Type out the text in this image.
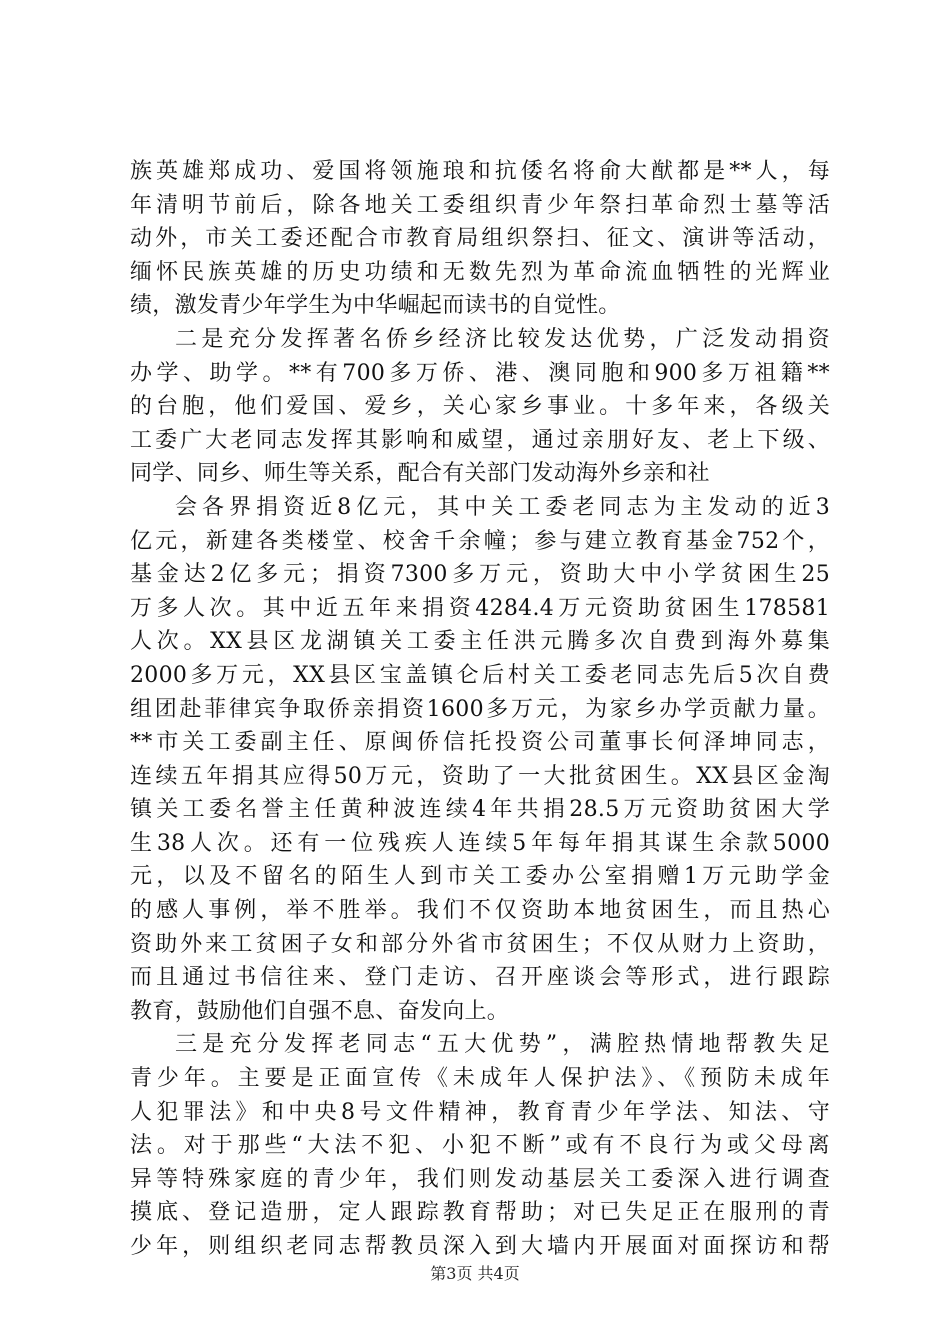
族英雄郑成功、爱国将领施琅和抗倭名将俞大猷都是**人，每
年清明节前后，除各地关工委组织青少年祭扫革命烈士墓等活
动外，市关工委还配合市教育局组织祭扫、征文、演讲等活动，
缅怀民族英雄的历史功绩和无数先烈为革命流血牺牲的光辉业
绩，激发青少年学生为中华崛起而读书的自觉性。
二是充分发挥著名侨乡经济比较发达优势，广泛发动捐资
办学、助学。**有700多万侨、港、澳同胞和900多万祖籍**
的台胞，他们爱国、爱乡，关心家乡事业。十多年来，各级关
工委广大老同志发挥其影响和威望，通过亲朋好友、老上下级、
同学、同乡、师生等关系，配合有关部门发动海外乡亲和社
会各界捐资近8亿元，其中关工委老同志为主发动的近3
亿元，新建各类楼堂、校舍千余幢；参与建立教育基金752个，
基金达2亿多元；捐资7300多万元，资助大中小学贫困生25
万多人次。其中近五年来捐资4284.4万元资助贫困生178581
人次。XX县区龙湖镇关工委主任洪元腾多次自费到海外募集
2000多万元，XX县区宝盖镇仑后村关工委老同志先后5次自费
组团赴菲律宾争取侨亲捐资1600多万元，为家乡办学贡献力量。
**市关工委副主任、原闽侨信托投资公司董事长何泽坤同志，
连续五年捐其应得50万元，资助了一大批贫困生。XX县区金淘
镇关工委名誉主任黄种波连续4年共捐28.5万元资助贫困大学
生38人次。还有一位残疾人连续5年每年捐其谋生余款5000
元，以及不留名的陌生人到市关工委办公室捐赠1万元助学金
的感人事例，举不胜举。我们不仅资助本地贫困生，而且热心
资助外来工贫困子女和部分外省市贫困生；不仅从财力上资助，
而且通过书信往来、登门走访、召开座谈会等形式，进行跟踪
教育，鼓励他们自强不息、奋发向上。
三是充分发挥老同志“五大优势”，满腔热情地帮教失足
青少年。主要是正面宣传《未成年人保护法》、《预防未成年
人犯罪法》和中央8号文件精神，教育青少年学法、知法、守
法。对于那些“大法不犯、小犯不断”或有不良行为或父母离
异等特殊家庭的青少年，我们则发动基层关工委深入进行调查
摸底、登记造册，定人跟踪教育帮助；对已失足正在服刑的青
少年，则组织老同志帮教员深入到大墙内开展面对面探访和帮
第3页 共4页
